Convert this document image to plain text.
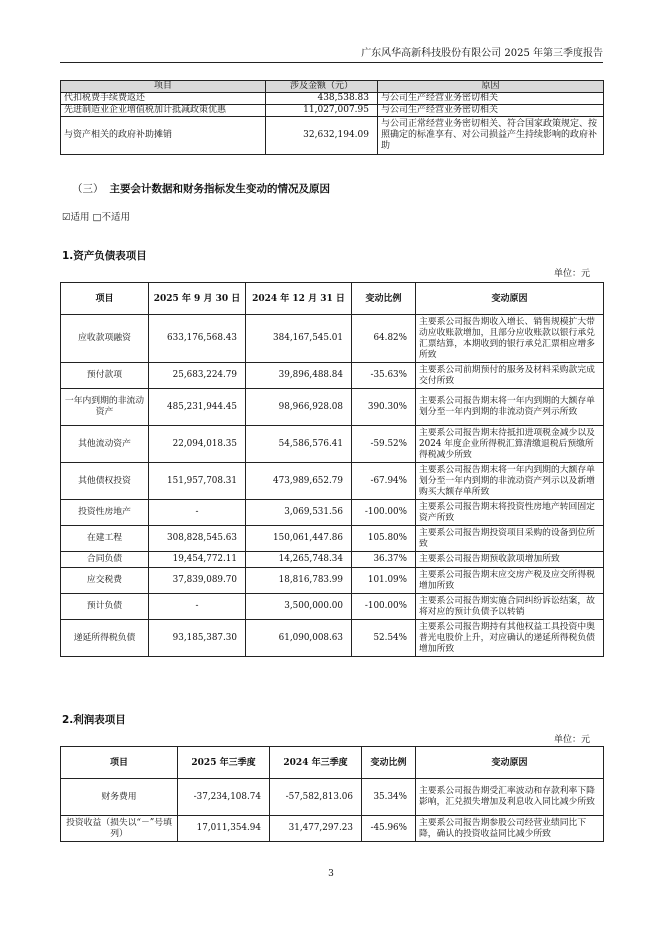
广东风华高新科技股份有限公司 2025 年第三季度报告
项目	涉及金额（元）	原因
代扣税费手续费返还	438,538.83	与公司生产经营业务密切相关
先进制造业企业增值税加计抵减政策优惠	11,027,007.95	与公司生产经营业务密切相关
与资产相关的政府补助摊销	32,632,194.09	与公司正常经营业务密切相关、符合国家政策规定、按照确定的标准享有、对公司损益产生持续影响的政府补助
（三） 主要会计数据和财务指标发生变动的情况及原因
☑适用 □不适用
1.资产负债表项目
单位：元
项目	2025 年 9 月 30 日	2024 年 12 月 31 日	变动比例	变动原因
应收款项融资	633,176,568.43	384,167,545.01	64.82%	主要系公司报告期收入增长、销售规模扩大带动应收账款增加，且部分应收账款以银行承兑汇票结算，本期收到的银行承兑汇票相应增多所致
预付款项	25,683,224.79	39,896,488.84	-35.63%	主要系公司前期预付的服务及材料采购款完成交付所致
一年内到期的非流动资产	485,231,944.45	98,966,928.08	390.30%	主要系公司报告期末将一年内到期的大额存单划分至一年内到期的非流动资产列示所致
其他流动资产	22,094,018.35	54,586,576.41	-59.52%	主要系公司报告期末待抵扣进项税金减少以及 2024 年度企业所得税汇算清缴退税后预缴所得税减少所致
其他债权投资	151,957,708.31	473,989,652.79	-67.94%	主要系公司报告期末将一年内到期的大额存单划分至一年内到期的非流动资产列示以及新增购买大额存单所致
投资性房地产	-	3,069,531.56	-100.00%	主要系公司报告期末将投资性房地产转回固定资产所致
在建工程	308,828,545.63	150,061,447.86	105.80%	主要系公司报告期投资项目采购的设备到位所致
合同负债	19,454,772.11	14,265,748.34	36.37%	主要系公司报告期预收款项增加所致
应交税费	37,839,089.70	18,816,783.99	101.09%	主要系公司报告期末应交房产税及应交所得税增加所致
预计负债	-	3,500,000.00	-100.00%	主要系公司报告期实施合同纠纷诉讼结案，故将对应的预计负债予以转销
递延所得税负债	93,185,387.30	61,090,008.63	52.54%	主要系公司报告期持有其他权益工具投资中奥普光电股价上升，对应确认的递延所得税负债增加所致
2.利润表项目
单位：元
项目	2025 年三季度	2024 年三季度	变动比例	变动原因
财务费用	-37,234,108.74	-57,582,813.06	35.34%	主要系公司报告期受汇率波动和存款利率下降影响，汇兑损失增加及利息收入同比减少所致
投资收益（损失以“－”号填列）	17,011,354.94	31,477,297.23	-45.96%	主要系公司报告期参股公司经营业绩同比下降，确认的投资收益同比减少所致
3
